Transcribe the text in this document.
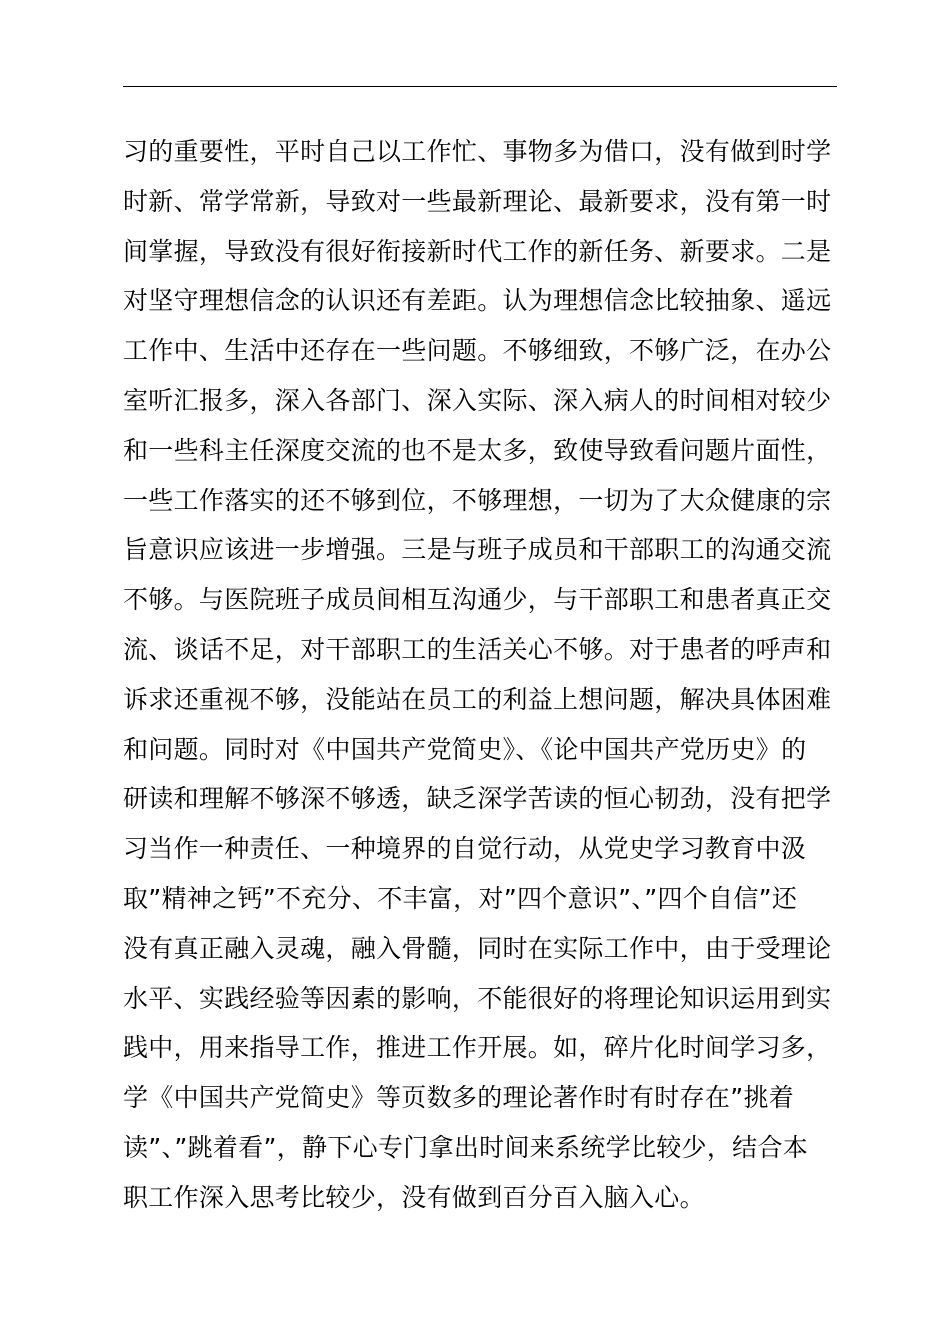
习的重要性，平时自己以工作忙、事物多为借口，没有做到时学
时新、常学常新，导致对一些最新理论、最新要求，没有第一时
间掌握，导致没有很好衔接新时代工作的新任务、新要求。二是
对坚守理想信念的认识还有差距。认为理想信念比较抽象、遥远
工作中、生活中还存在一些问题。不够细致，不够广泛，在办公
室听汇报多，深入各部门、深入实际、深入病人的时间相对较少
和一些科主任深度交流的也不是太多，致使导致看问题片面性，
一些工作落实的还不够到位，不够理想，一切为了大众健康的宗
旨意识应该进一步增强。三是与班子成员和干部职工的沟通交流
不够。与医院班子成员间相互沟通少，与干部职工和患者真正交
流、谈话不足，对干部职工的生活关心不够。对于患者的呼声和
诉求还重视不够，没能站在员工的利益上想问题，解决具体困难
和问题。同时对《中国共产党简史》、《论中国共产党历史》的
研读和理解不够深不够透，缺乏深学苦读的恒心韧劲，没有把学
习当作一种责任、一种境界的自觉行动，从党史学习教育中汲
取”精神之钙”不充分、不丰富，对”四个意识”、”四个自信”还
没有真正融入灵魂，融入骨髓，同时在实际工作中，由于受理论
水平、实践经验等因素的影响，不能很好的将理论知识运用到实
践中，用来指导工作，推进工作开展。如，碎片化时间学习多，
学《中国共产党简史》等页数多的理论著作时有时存在”挑着
读”、”跳着看”，静下心专门拿出时间来系统学比较少，结合本
职工作深入思考比较少，没有做到百分百入脑入心。
